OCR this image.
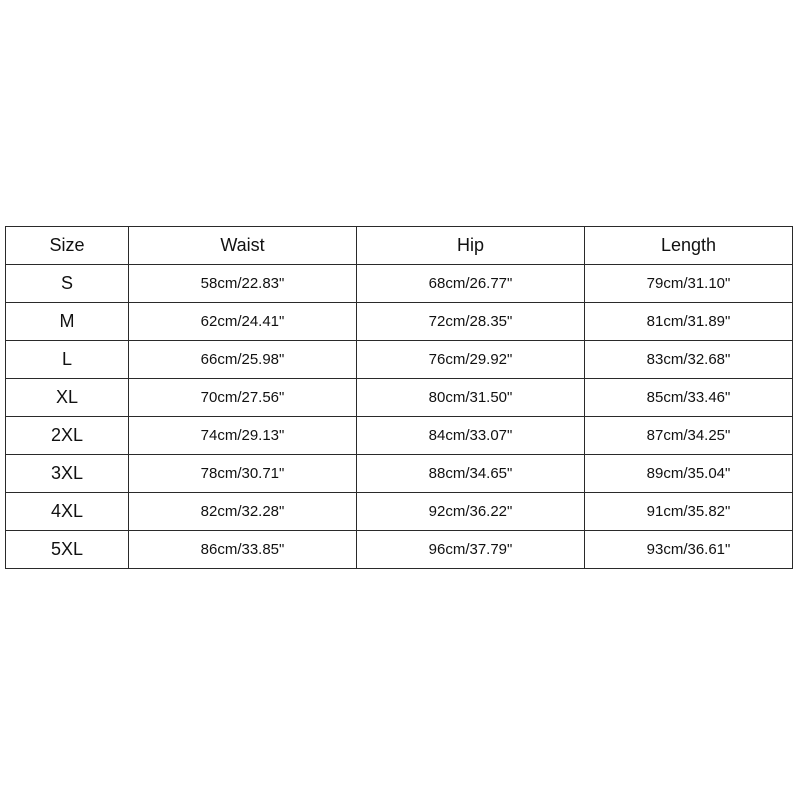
Size	Waist	Hip	Length
S	58cm/22.83"	68cm/26.77"	79cm/31.10"
M	62cm/24.41"	72cm/28.35"	81cm/31.89"
L	66cm/25.98"	76cm/29.92"	83cm/32.68"
XL	70cm/27.56"	80cm/31.50"	85cm/33.46"
2XL	74cm/29.13"	84cm/33.07"	87cm/34.25"
3XL	78cm/30.71"	88cm/34.65"	89cm/35.04"
4XL	82cm/32.28"	92cm/36.22"	91cm/35.82"
5XL	86cm/33.85"	96cm/37.79"	93cm/36.61"
